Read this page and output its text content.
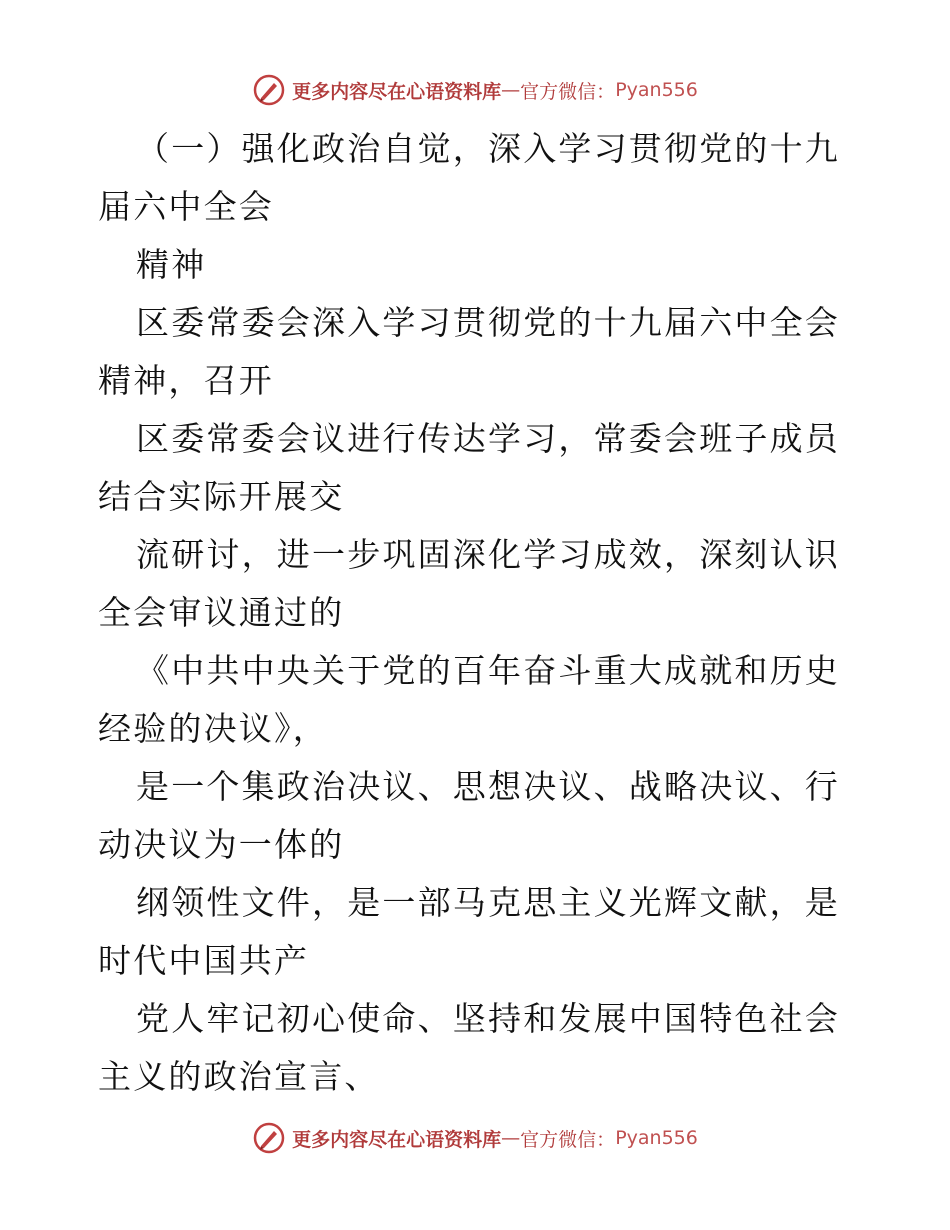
更多内容尽在心语资料库 — 官方微信： Pyan556

（一）强化政治自觉，深入学习贯彻党的十九届六中全会

精神

区委常委会深入学习贯彻党的十九届六中全会精神，召开

区委常委会议进行传达学习，常委会班子成员结合实际开展交

流研讨，进一步巩固深化学习成效，深刻认识全会审议通过的

《中共中央关于党的百年奋斗重大成就和历史经验的决议》，

是一个集政治决议、思想决议、战略决议、行动决议为一体的

纲领性文件，是一部马克思主义光辉文献，是时代中国共产

党人牢记初心使命、坚持和发展中国特色社会主义的政治宣言、

更多内容尽在心语资料库 — 官方微信： Pyan556
